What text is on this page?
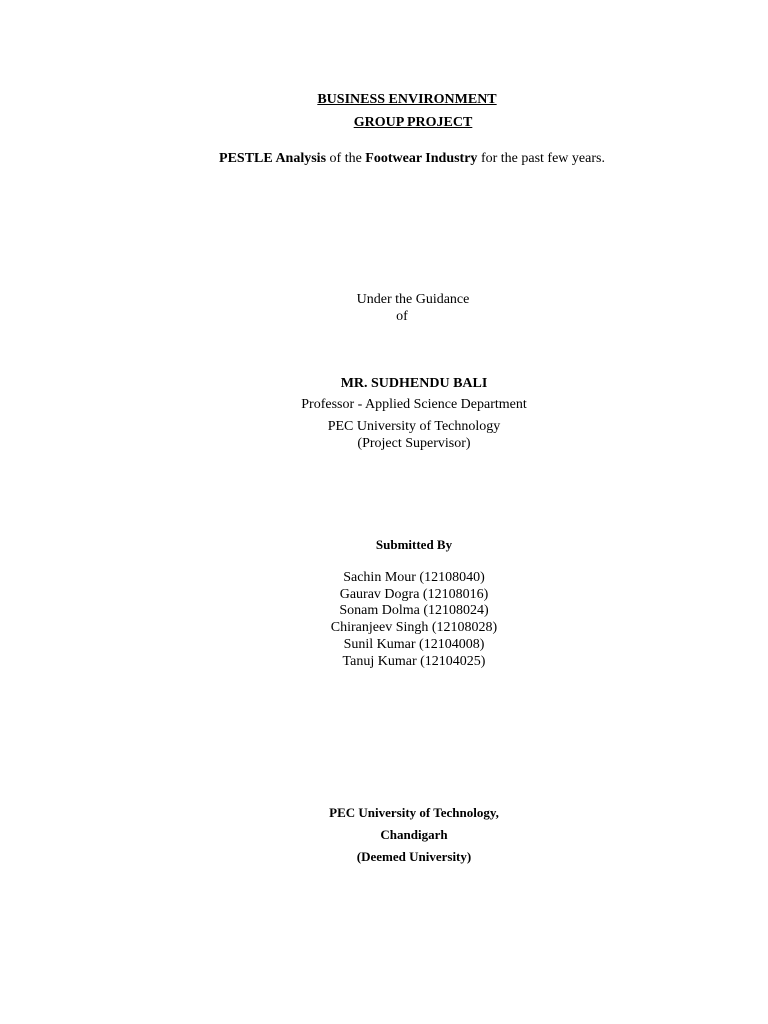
BUSINESS ENVIRONMENT
GROUP PROJECT
PESTLE Analysis of the Footwear Industry for the past few years.
Under the Guidance
of
MR. SUDHENDU BALI
Professor - Applied Science Department
PEC University of Technology
(Project Supervisor)
Submitted By
Sachin Mour (12108040)
Gaurav Dogra (12108016)
Sonam Dolma (12108024)
Chiranjeev Singh (12108028)
Sunil Kumar (12104008)
Tanuj Kumar (12104025)
PEC University of Technology,
Chandigarh
(Deemed University)
